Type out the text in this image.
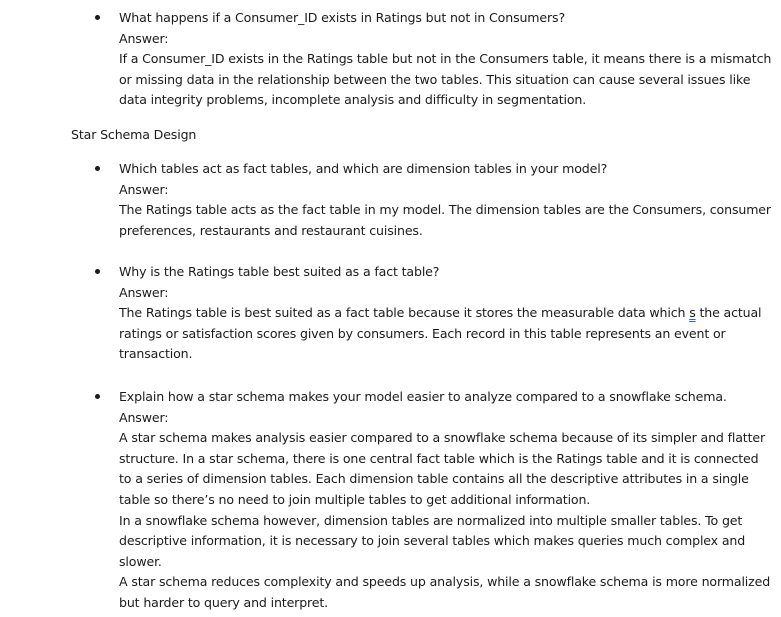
What happens if a Consumer_ID exists in Ratings but not in Consumers?
Answer:
If a Consumer_ID exists in the Ratings table but not in the Consumers table, it means there is a mismatch
or missing data in the relationship between the two tables. This situation can cause several issues like
data integrity problems, incomplete analysis and difficulty in segmentation.
Star Schema Design
Which tables act as fact tables, and which are dimension tables in your model?
Answer:
The Ratings table acts as the fact table in my model. The dimension tables are the Consumers, consumer
preferences, restaurants and restaurant cuisines.
Why is the Ratings table best suited as a fact table?
Answer:
The Ratings table is best suited as a fact table because it stores the measurable data which s the actual
ratings or satisfaction scores given by consumers. Each record in this table represents an event or
transaction.
Explain how a star schema makes your model easier to analyze compared to a snowflake schema.
Answer:
A star schema makes analysis easier compared to a snowflake schema because of its simpler and flatter
structure. In a star schema, there is one central fact table which is the Ratings table and it is connected
to a series of dimension tables. Each dimension table contains all the descriptive attributes in a single
table so there’s no need to join multiple tables to get additional information.
In a snowflake schema however, dimension tables are normalized into multiple smaller tables. To get
descriptive information, it is necessary to join several tables which makes queries much complex and
slower.
A star schema reduces complexity and speeds up analysis, while a snowflake schema is more normalized
but harder to query and interpret.
